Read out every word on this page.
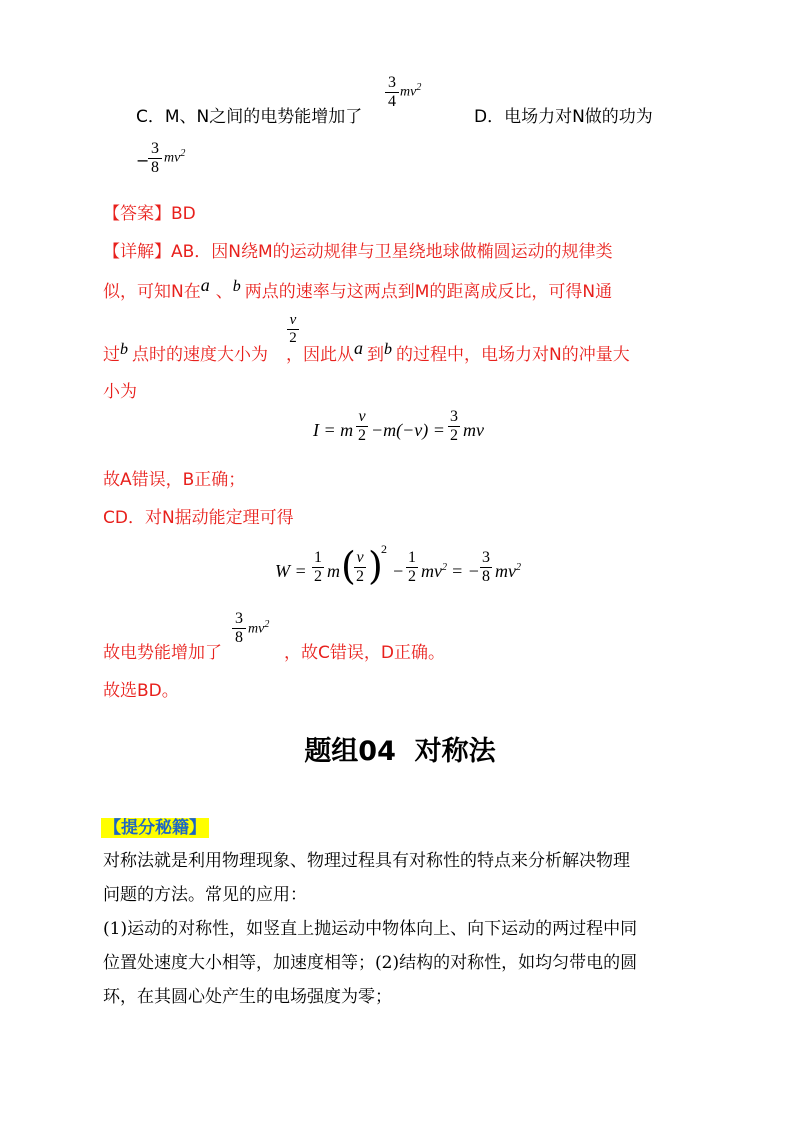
C．M、N之间的电势能增加了
3
4
$mv^2$
D．电场力对N做的功为
−
3
8
$mv^2$
【答案】BD
【详解】AB．因N绕M的运动规律与卫星绕地球做椭圆运动的规律类
似，可知N在a 、b 两点的速率与这两点到M的距离成反比，可得N通
过b 点时的速度大小为 ，因此从a 到b 的过程中，电场力对N的冲量大
v
2
小为
I = m
v
2 −m(−v) =
3
2 mv
故A错误，B正确；
CD．对N据动能定理可得
W =
1
2 m ( v
2 )
2
−
1
2 $mv^2$ = −
3
8 $mv^2$
故电势能增加了
3
8 $mv^2$
，故C错误，D正确。
故选BD。
题组04  对称法
【提分秘籍】
对称法就是利用物理现象、物理过程具有对称性的特点来分析解决物理
问题的方法。常见的应用：
(1)运动的对称性，如竖直上抛运动中物体向上、向下运动的两过程中同
位置处速度大小相等，加速度相等；(2)结构的对称性，如均匀带电的圆
环，在其圆心处产生的电场强度为零；
